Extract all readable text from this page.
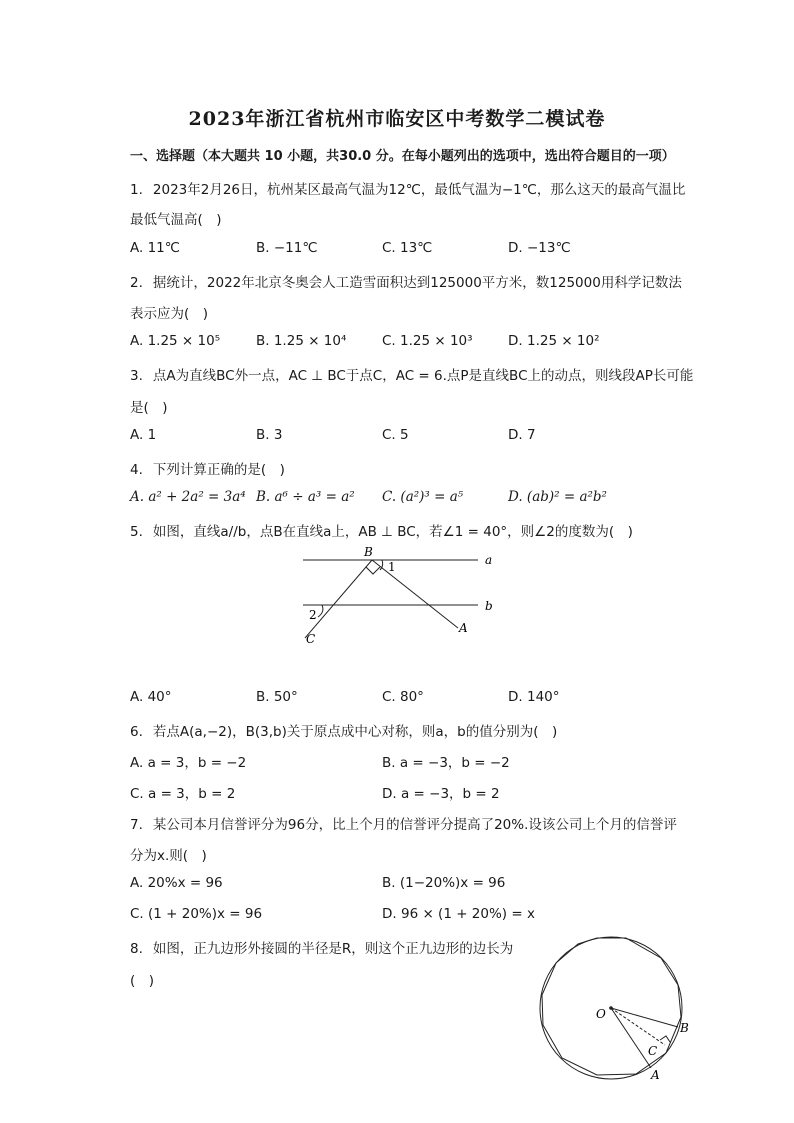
2023年浙江省杭州市临安区中考数学二模试卷
一、选择题（本大题共 10 小题，共30.0 分。在每小题列出的选项中，选出符合题目的一项）
1. 2023年2月26日，杭州某区最高气温为12℃，最低气温为−1℃，那么这天的最高气温比
最低气温高(　)
A. 11℃	B. −11℃	C. 13℃	D. −13℃
2. 据统计，2022年北京冬奥会人工造雪面积达到125000平方米，数125000用科学记数法
表示应为(　)
A. 1.25 × 10⁵	B. 1.25 × 10⁴	C. 1.25 × 10³	D. 1.25 × 10²
3. 点A为直线BC外一点，AC ⊥ BC于点C，AC = 6.点P是直线BC上的动点，则线段AP长可能
是(　)
A. 1	B. 3	C. 5	D. 7
4. 下列计算正确的是(　)
A. a² + 2a² = 3a⁴ B. a⁶ ÷ a³ = a² C. (a²)³ = a⁵	D. (ab)² = a²b²
5. 如图，直线a//b，点B在直线a上，AB ⊥ BC，若∠1 = 40°，则∠2的度数为(　)
B
1	a
b
2
C
A
A. 40°	B. 50°	C. 80°	D. 140°
6. 若点A(a,−2)，B(3,b)关于原点成中心对称，则a，b的值分别为(　)
A. a = 3，b = −2	B. a = −3，b = −2
C. a = 3，b = 2	D. a = −3，b = 2
7. 某公司本月信誉评分为96分，比上个月的信誉评分提高了20%.设该公司上个月的信誉评
分为x.则(　)
A. 20%x = 96	B. (1−20%)x = 96
C. (1 + 20%)x = 96	D. 96 × (1 + 20%) = x
8. 如图，正九边形外接圆的半径是R，则这个正九边形的边长为
(　)
O
B
C
A
